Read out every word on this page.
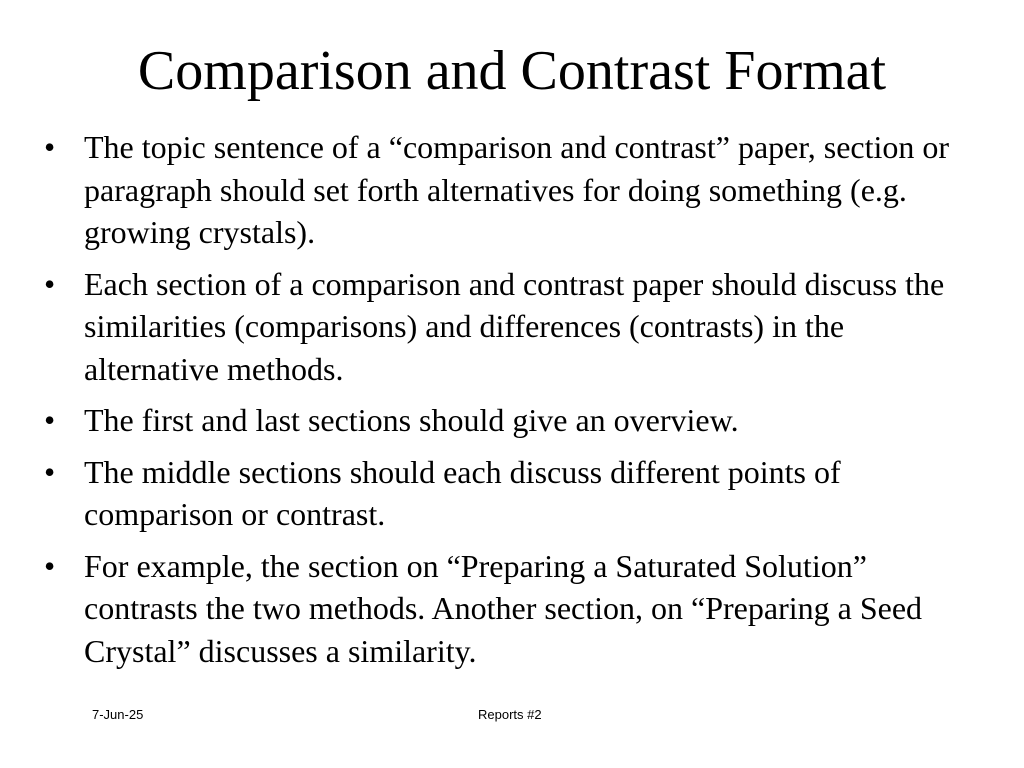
Comparison and Contrast Format
• The topic sentence of a “comparison and contrast” paper, section or paragraph should set forth alternatives for doing something (e.g. growing crystals).
• Each section of a comparison and contrast paper should discuss the similarities (comparisons) and differences (contrasts) in the alternative methods.
• The first and last sections should give an overview.
• The middle sections should each discuss different points of comparison or contrast.
• For example, the section on “Preparing a Saturated Solution” contrasts the two methods. Another section, on “Preparing a Seed Crystal” discusses a similarity.
7-Jun-25	Reports #2
